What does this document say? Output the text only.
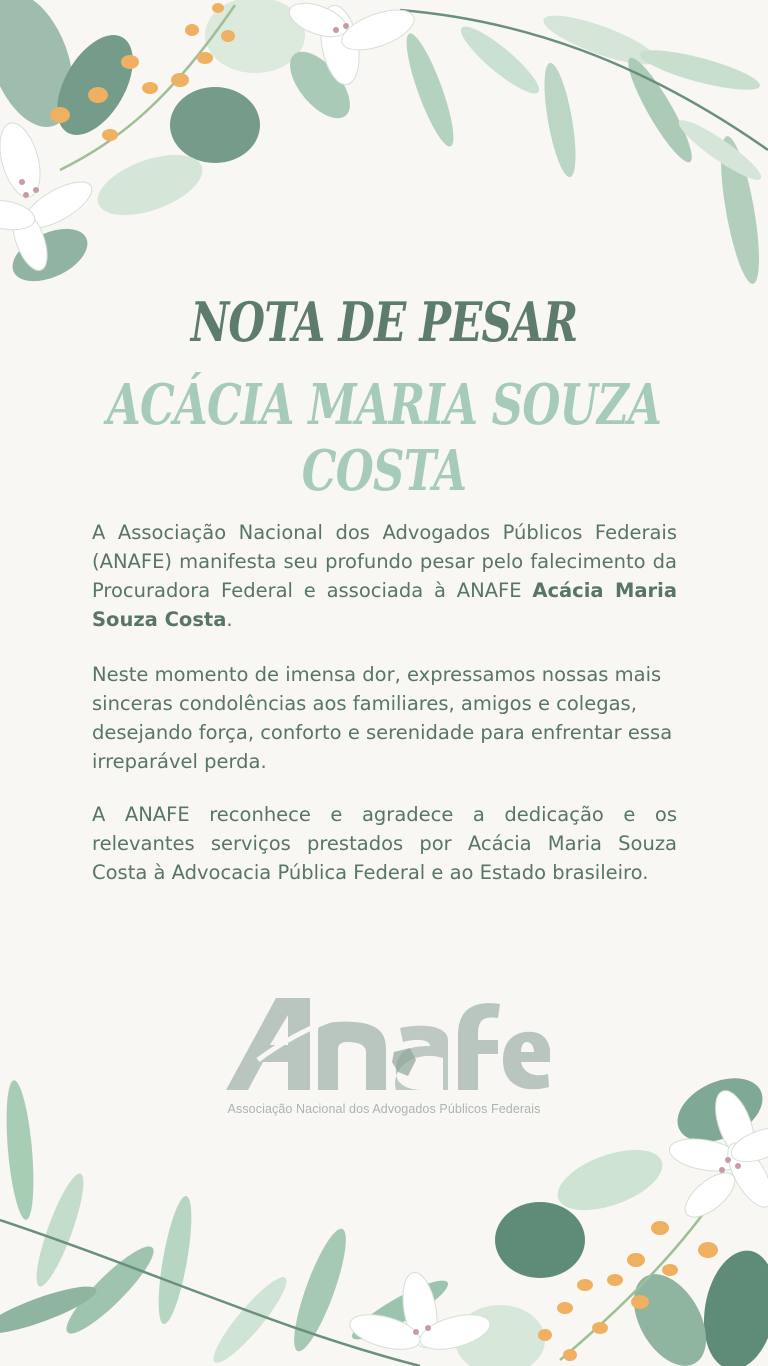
NOTA DE PESAR
ACÁCIA MARIA SOUZA COSTA

A Associação Nacional dos Advogados Públicos Federais (ANAFE) manifesta seu profundo pesar pelo falecimento da Procuradora Federal e associada à ANAFE Acácia Maria Souza Costa.

Neste momento de imensa dor, expressamos nossas mais sinceras condolências aos familiares, amigos e colegas, desejando força, conforto e serenidade para enfrentar essa irreparável perda.

A ANAFE reconhece e agradece a dedicação e os relevantes serviços prestados por Acácia Maria Souza Costa à Advocacia Pública Federal e ao Estado brasileiro.

Associação Nacional dos Advogados Públicos Federais
